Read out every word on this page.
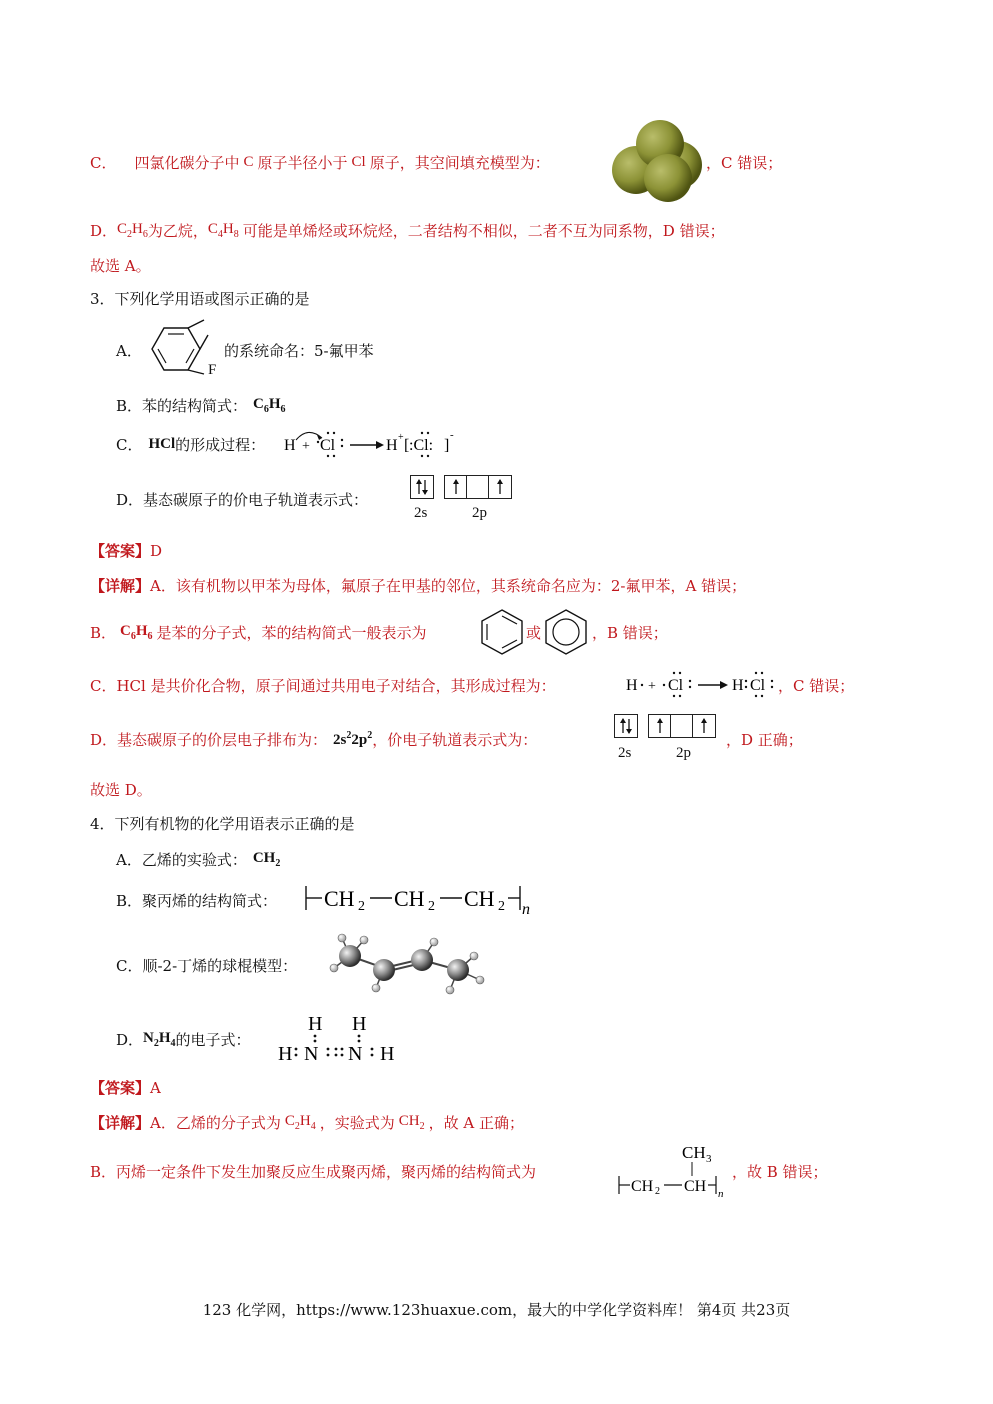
C． 四氯化碳分子中 C 原子半径小于 Cl 原子，其空间填充模型为：	，C 错误；
D． $C_2H_6$ 为乙烷， $C_4H_8$ 可能是单烯烃或环烷烃，二者结构不相似，二者不互为同系物，D 错误；
故选 A。
3．下列化学用语或图示正确的是
A．
F
的系统命名：5-氟甲苯
B．苯的结构简式： $C_6H_6$
C． HCl 的形成过程： H + Cl	H + [ :Cl: ]
-
D．基态碳原子的价电子轨道表示式：
2s	2p
【答案】 D
【详解】 A．该有机物以甲苯为母体，氟原子在甲基的邻位，其系统命名应为：2-氟甲苯，A 错误；
B． $C_6H_6$ 是苯的分子式，苯的结构简式一般表示为	或	，B 错误；
C．HCl 是共价化合物，原子间通过共用电子对结合，其形成过程为：	H + Cl	H Cl ，C 错误；
D．基态碳原子的价层电子排布为： $2s^22p^2$ ，价电子轨道表示式为：
2s	2p
，D 正确；
故选 D。
4．下列有机物的化学用语表示正确的是
A．乙烯的实验式： $CH_2$
B．聚丙烯的结构简式： CH 2 CH 2 CH 2 n
C．顺-2-丁烯的球棍模型：
D． $N_2H_4$ 的电子式：
H H
H N N H
【答案】 A
【详解】 A．乙烯的分子式为 $C_2H_4$ ，实验式为 $CH_2$ ，故 A 正确；
B．丙烯一定条件下发生加聚反应生成聚丙烯，聚丙烯的结构简式为
CH 3
CH 2 CH n
，故 B 错误；
123 化学网，https://www.123huaxue.com，最大的中学化学资料库！ 第4页 共23页
